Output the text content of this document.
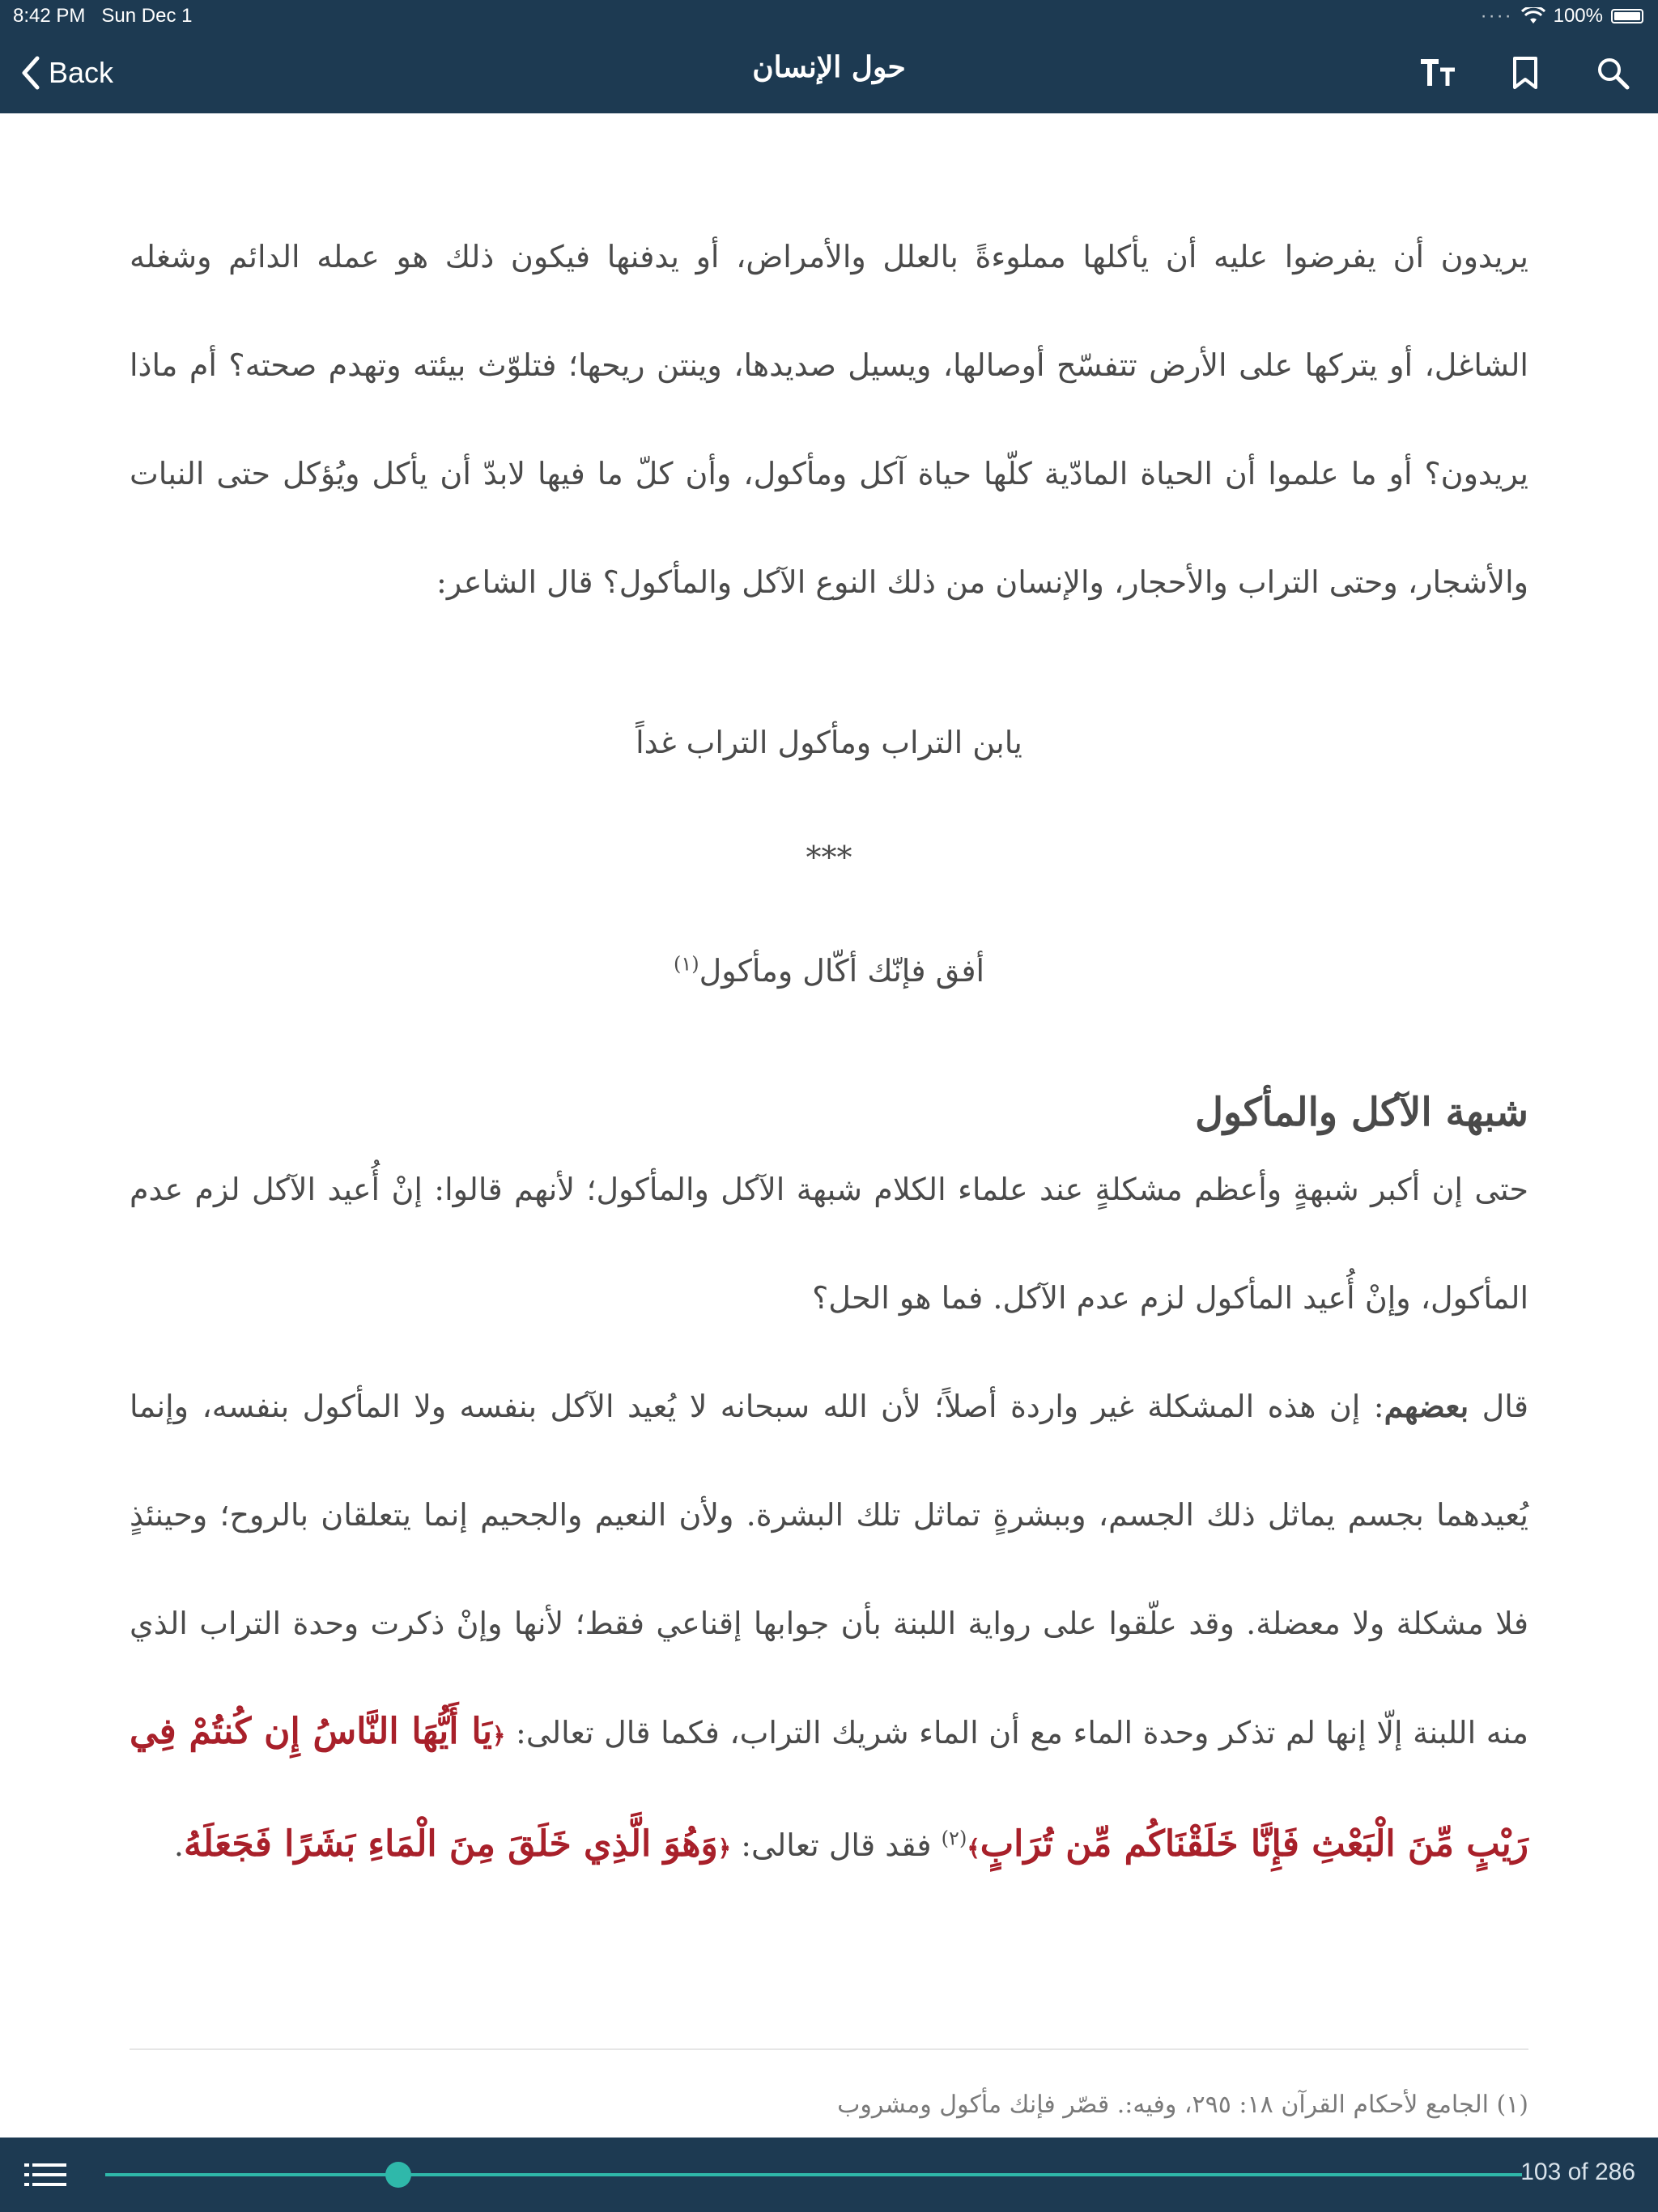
8:42 PM Sun Dec 1	···· 100%
Back	حول الإنسان

يريدون أن يفرضوا عليه أن يأكلها مملوءةً بالعلل والأمراض، أو يدفنها فيكون ذلك هو عمله الدائم وشغله الشاغل، أو يتركها على الأرض تتفسّح أوصالها، ويسيل صديدها، وينتن ريحها؛ فتلوّث بيئته وتهدم صحته؟ أم ماذا يريدون؟ أو ما علموا أن الحياة المادّية كلّها حياة آكل ومأكول، وأن كلّ ما فيها لابدّ أن يأكل ويُؤكل حتى النبات والأشجار، وحتى التراب والأحجار، والإنسان من ذلك النوع الآكل والمأكول؟ قال الشاعر:

يابن التراب ومأكول التراب غداً

***

أفق فإنّك أكّال ومأكول$^{(١)}$

شبهة الآكل والمأكول

حتى إن أكبر شبهةٍ وأعظم مشكلةٍ عند علماء الكلام شبهة الآكل والمأكول؛ لأنهم قالوا: إنْ أُعيد الآكل لزم عدم المأكول، وإنْ أُعيد المأكول لزم عدم الآكل. فما هو الحل؟

قال بعضهم: إن هذه المشكلة غير واردة أصلاً؛ لأن الله سبحانه لا يُعيد الآكل بنفسه ولا المأكول بنفسه، وإنما يُعيدهما بجسم يماثل ذلك الجسم، وببشرةٍ تماثل تلك البشرة. ولأن النعيم والجحيم إنما يتعلقان بالروح؛ وحينئذٍ فلا مشكلة ولا معضلة. وقد علّقوا على رواية اللبنة بأن جوابها إقناعي فقط؛ لأنها وإنْ ذكرت وحدة التراب الذي منه اللبنة إلّا إنها لم تذكر وحدة الماء مع أن الماء شريك التراب، فكما قال تعالى: ﴿يَا أَيُّهَا النَّاسُ إِن كُنتُمْ فِي رَيْبٍ مِّنَ الْبَعْثِ فَإِنَّا خَلَقْنَاكُم مِّن تُرَابٍ﴾$^{(٢)}$ فقد قال تعالى: ﴿وَهُوَ الَّذِي خَلَقَ مِنَ الْمَاءِ بَشَرًا فَجَعَلَهُ.

(١) الجامع لأحكام القرآن ١٨: ٢٩٥، وفيه:. قصّر فإنك مأكول ومشروب
103 of 286
